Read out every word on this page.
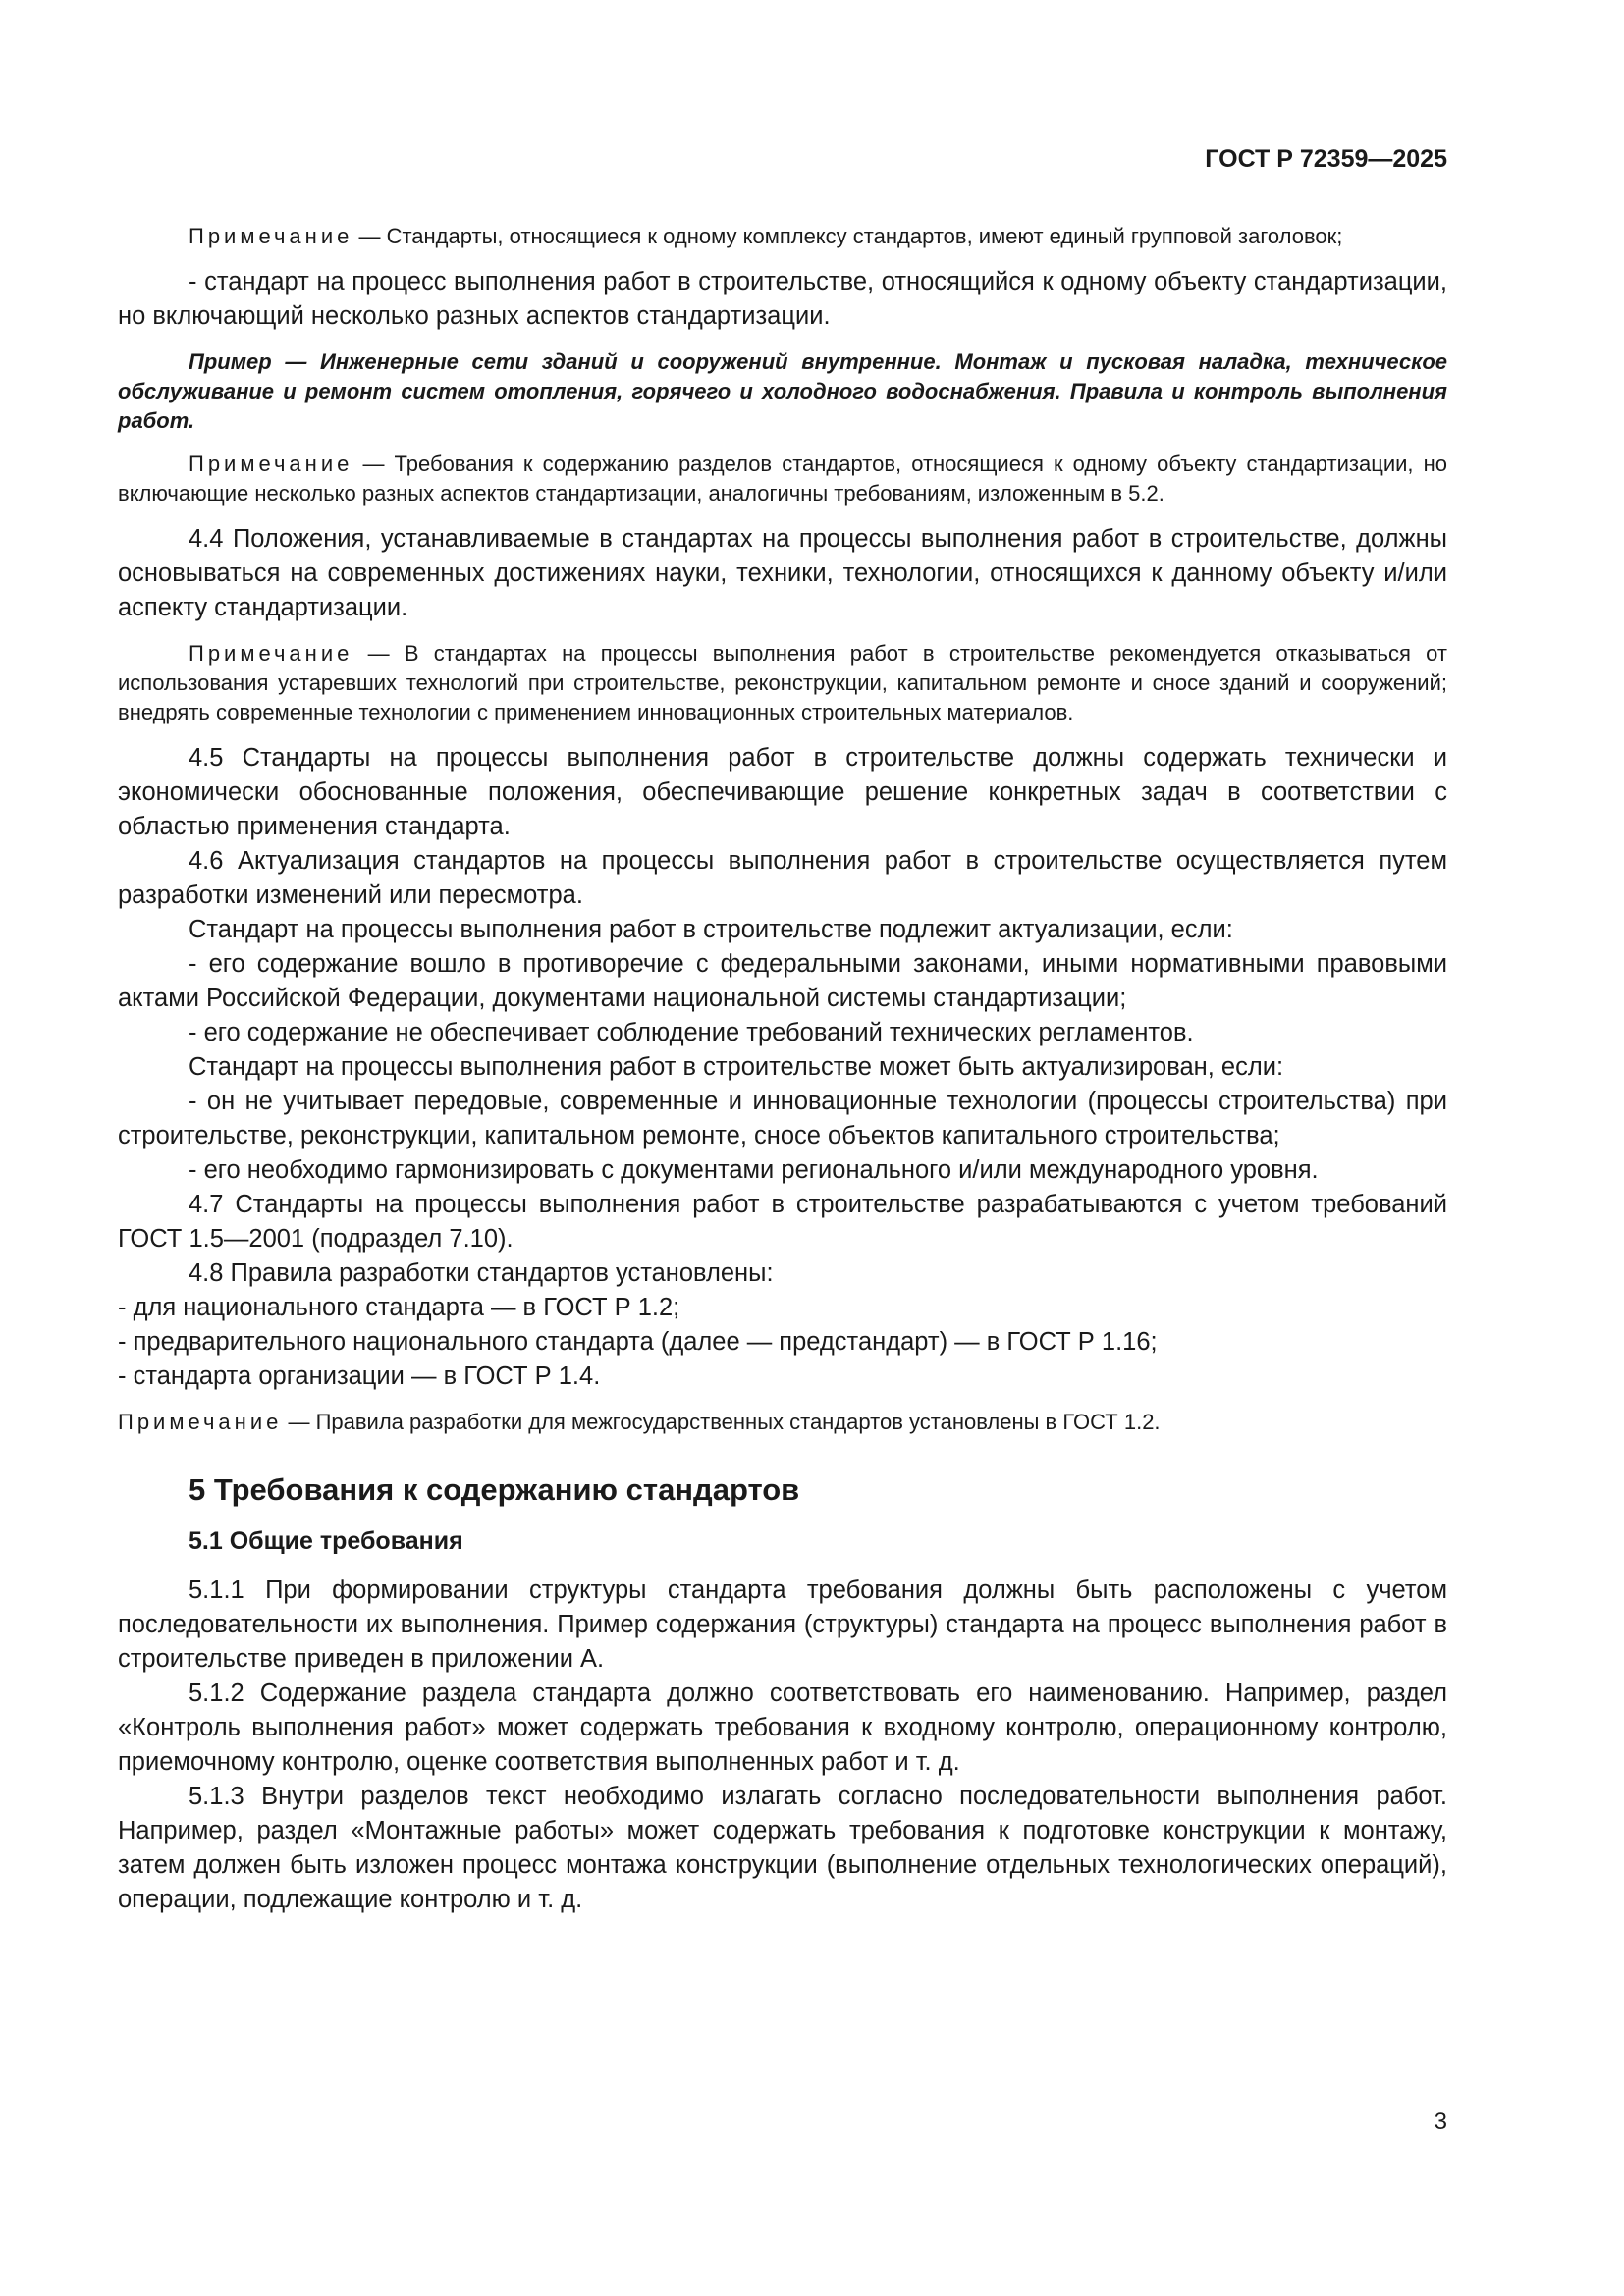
ГОСТ Р 72359—2025
Примечание — Стандарты, относящиеся к одному комплексу стандартов, имеют единый групповой заголовок;
- стандарт на процесс выполнения работ в строительстве, относящийся к одному объекту стандартизации, но включающий несколько разных аспектов стандартизации.
Пример — Инженерные сети зданий и сооружений внутренние. Монтаж и пусковая наладка, техническое обслуживание и ремонт систем отопления, горячего и холодного водоснабжения. Правила и контроль выполнения работ.
Примечание — Требования к содержанию разделов стандартов, относящиеся к одному объекту стандартизации, но включающие несколько разных аспектов стандартизации, аналогичны требованиям, изложенным в 5.2.
4.4 Положения, устанавливаемые в стандартах на процессы выполнения работ в строительстве, должны основываться на современных достижениях науки, техники, технологии, относящихся к данному объекту и/или аспекту стандартизации.
Примечание — В стандартах на процессы выполнения работ в строительстве рекомендуется отказываться от использования устаревших технологий при строительстве, реконструкции, капитальном ремонте и сносе зданий и сооружений; внедрять современные технологии с применением инновационных строительных материалов.
4.5 Стандарты на процессы выполнения работ в строительстве должны содержать технически и экономически обоснованные положения, обеспечивающие решение конкретных задач в соответствии с областью применения стандарта.
4.6 Актуализация стандартов на процессы выполнения работ в строительстве осуществляется путем разработки изменений или пересмотра.
Стандарт на процессы выполнения работ в строительстве подлежит актуализации, если:
- его содержание вошло в противоречие с федеральными законами, иными нормативными правовыми актами Российской Федерации, документами национальной системы стандартизации;
- его содержание не обеспечивает соблюдение требований технических регламентов.
Стандарт на процессы выполнения работ в строительстве может быть актуализирован, если:
- он не учитывает передовые, современные и инновационные технологии (процессы строительства) при строительстве, реконструкции, капитальном ремонте, сносе объектов капитального строительства;
- его необходимо гармонизировать с документами регионального и/или международного уровня.
4.7 Стандарты на процессы выполнения работ в строительстве разрабатываются с учетом требований ГОСТ 1.5—2001 (подраздел 7.10).
4.8 Правила разработки стандартов установлены:
- для национального стандарта — в ГОСТ Р 1.2;
- предварительного национального стандарта (далее — предстандарт) — в ГОСТ Р 1.16;
- стандарта организации — в ГОСТ Р 1.4.
Примечание — Правила разработки для межгосударственных стандартов установлены в ГОСТ 1.2.
5 Требования к содержанию стандартов
5.1 Общие требования
5.1.1 При формировании структуры стандарта требования должны быть расположены с учетом последовательности их выполнения. Пример содержания (структуры) стандарта на процесс выполнения работ в строительстве приведен в приложении А.
5.1.2 Содержание раздела стандарта должно соответствовать его наименованию. Например, раздел «Контроль выполнения работ» может содержать требования к входному контролю, операционному контролю, приемочному контролю, оценке соответствия выполненных работ и т. д.
5.1.3 Внутри разделов текст необходимо излагать согласно последовательности выполнения работ. Например, раздел «Монтажные работы» может содержать требования к подготовке конструкции к монтажу, затем должен быть изложен процесс монтажа конструкции (выполнение отдельных технологических операций), операции, подлежащие контролю и т. д.
3
